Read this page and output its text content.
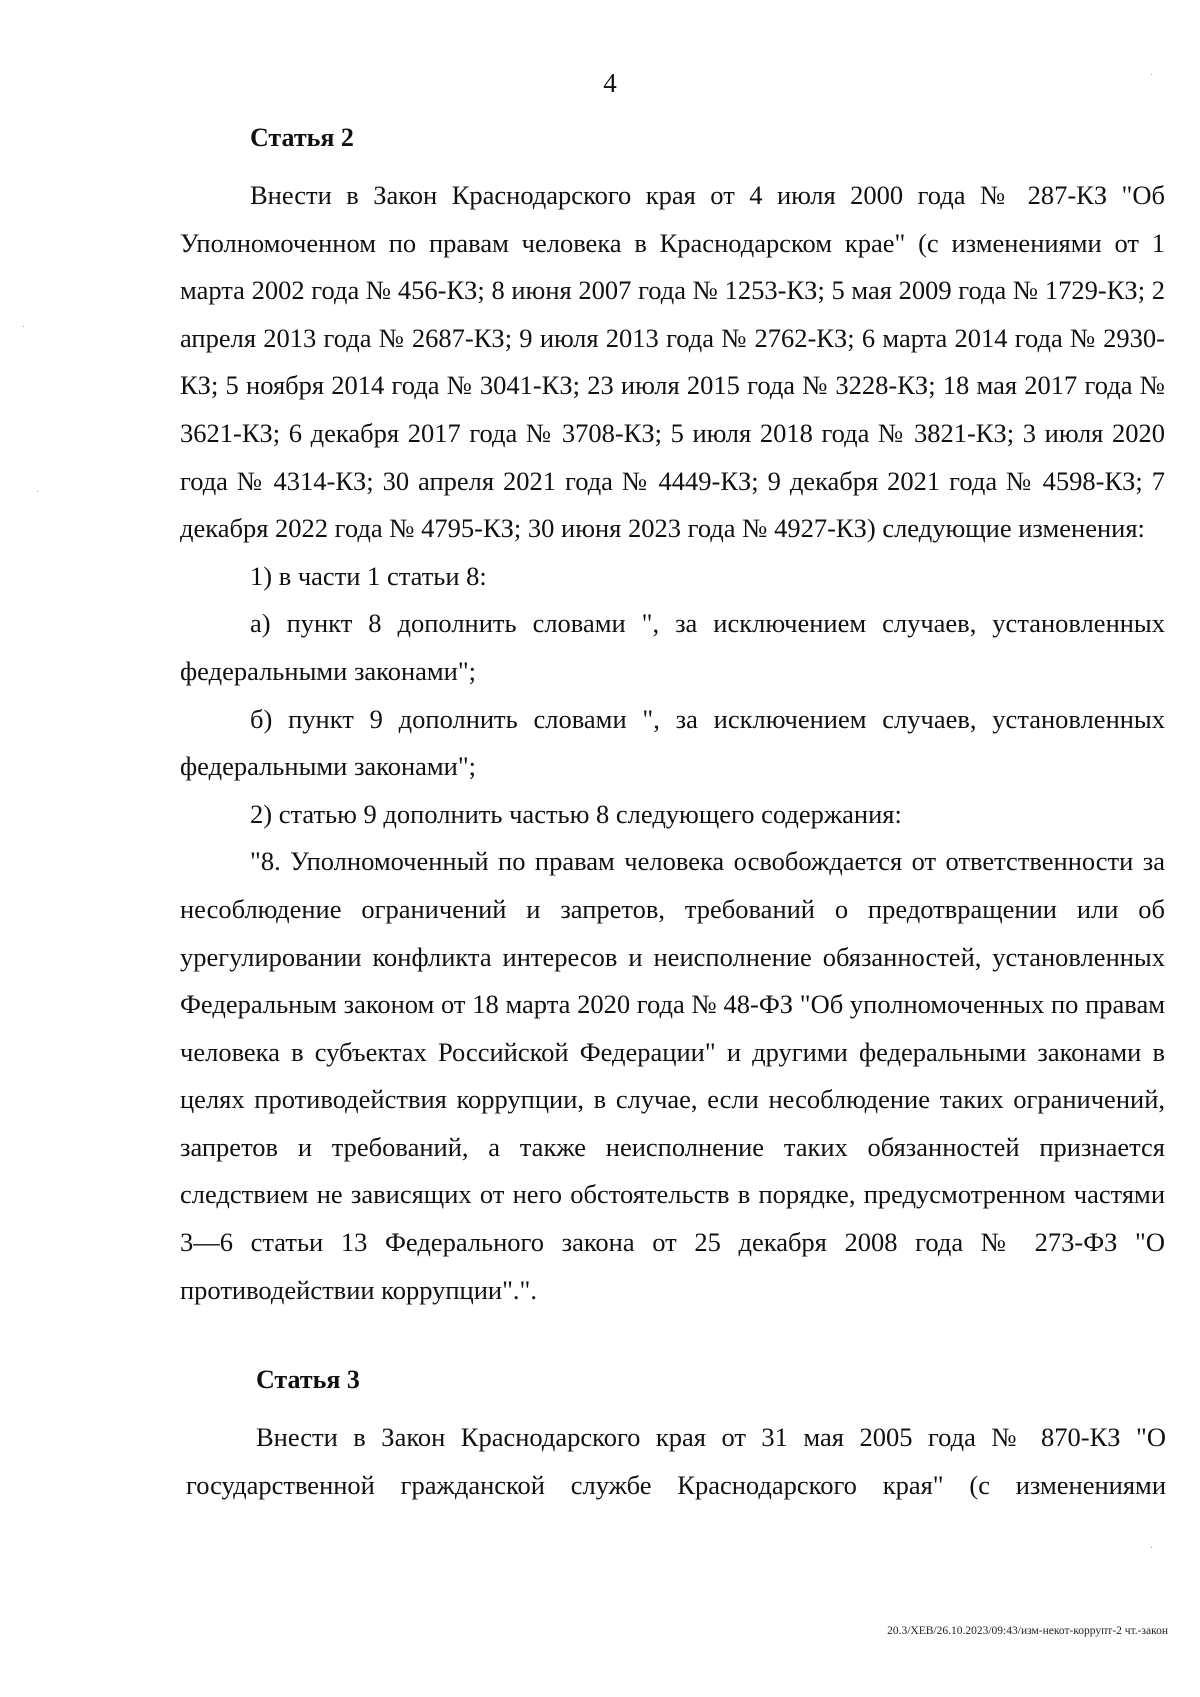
4
Статья 2

Внести в Закон Краснодарского края от 4 июля 2000 года № 287-КЗ "Об Уполномоченном по правам человека в Краснодарском крае" (с изменениями от 1 марта 2002 года № 456-КЗ; 8 июня 2007 года № 1253-КЗ; 5 мая 2009 года № 1729-КЗ; 2 апреля 2013 года № 2687-КЗ; 9 июля 2013 года № 2762-КЗ; 6 марта 2014 года № 2930-КЗ; 5 ноября 2014 года № 3041-КЗ; 23 июля 2015 года № 3228-КЗ; 18 мая 2017 года № 3621-КЗ; 6 декабря 2017 года № 3708-КЗ; 5 июля 2018 года № 3821-КЗ; 3 июля 2020 года № 4314-КЗ; 30 апреля 2021 года № 4449-КЗ; 9 декабря 2021 года № 4598-КЗ; 7 декабря 2022 года № 4795-КЗ; 30 июня 2023 года № 4927-КЗ) следующие изменения:

1) в части 1 статьи 8:

а) пункт 8 дополнить словами ", за исключением случаев, установленных федеральными законами";

б) пункт 9 дополнить словами ", за исключением случаев, установленных федеральными законами";

2) статью 9 дополнить частью 8 следующего содержания:

"8. Уполномоченный по правам человека освобождается от ответственности за несоблюдение ограничений и запретов, требований о предотвращении или об урегулировании конфликта интересов и неисполнение обязанностей, установленных Федеральным законом от 18 марта 2020 года № 48-ФЗ "Об уполномоченных по правам человека в субъектах Российской Федерации" и другими федеральными законами в целях противодействия коррупции, в случае, если несоблюдение таких ограничений, запретов и требований, а также неисполнение таких обязанностей признается следствием не зависящих от него обстоятельств в порядке, предусмотренном частями 3—6 статьи 13 Федерального закона от 25 декабря 2008 года № 273-ФЗ "О противодействии коррупции".".

Статья 3

Внести в Закон Краснодарского края от 31 мая 2005 года № 870-КЗ "О государственной гражданской службе Краснодарского края" (с изменениями

20.3/ХЕВ/26.10.2023/09:43/изм-некот-коррупт-2 чт.-закон
·
·
·
·
